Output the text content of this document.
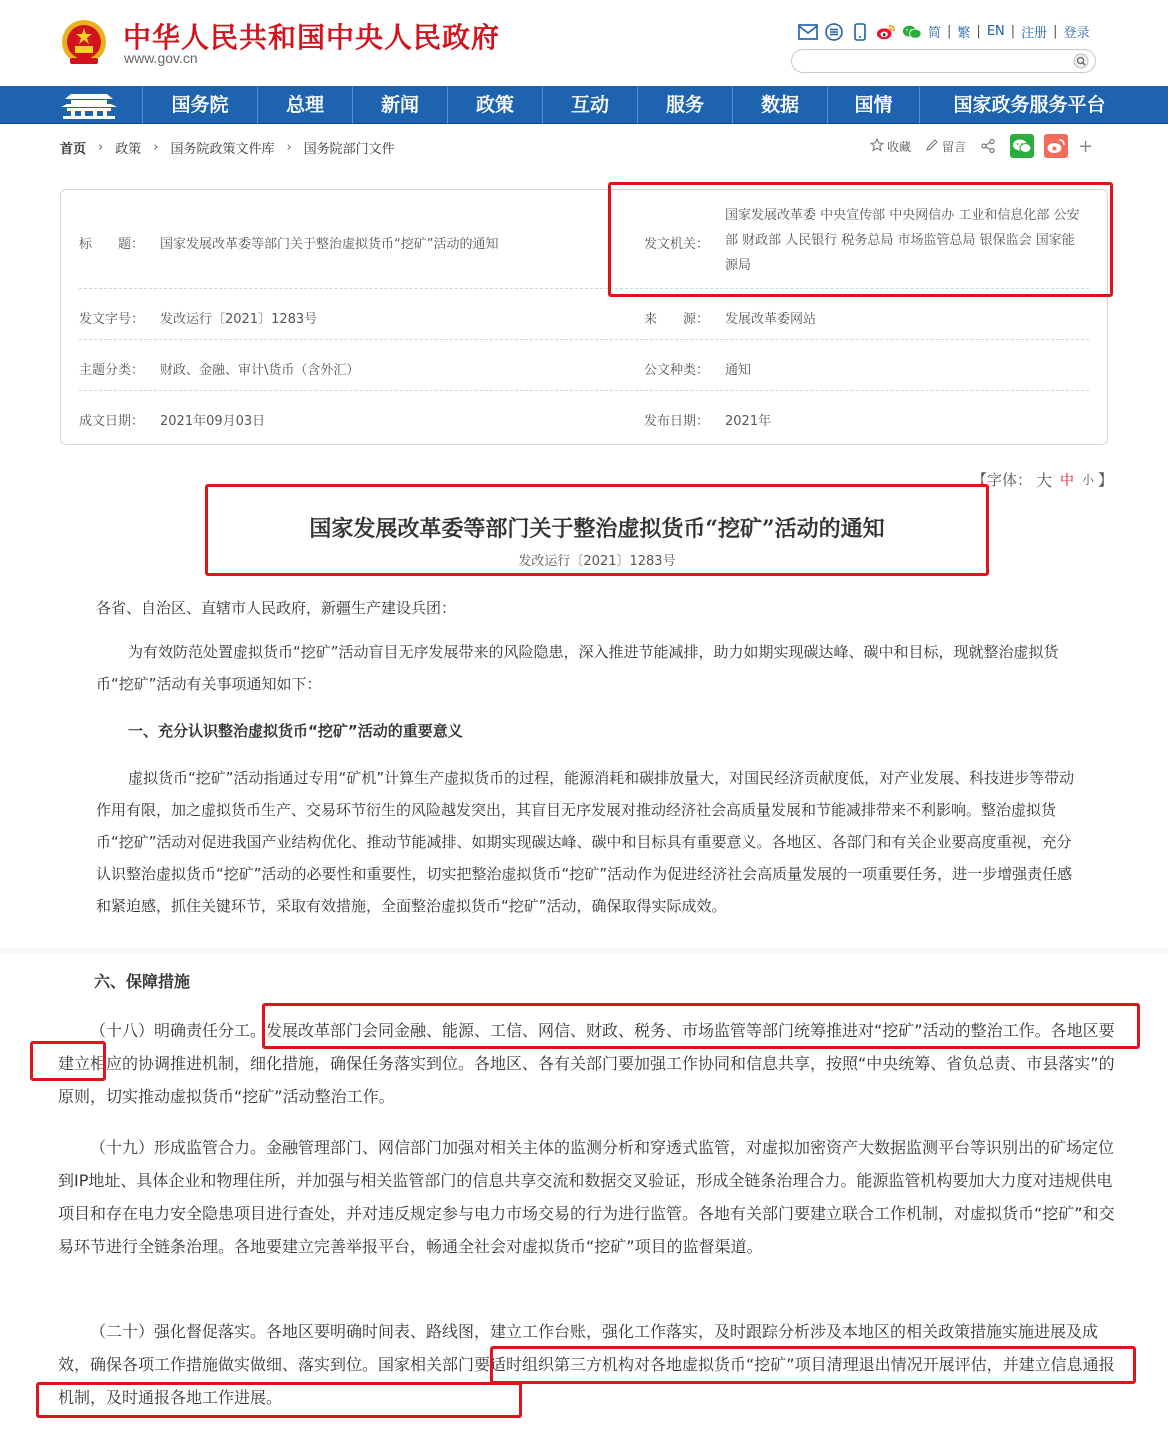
中华人民共和国中央人民政府
www.gov.cn
简 | 繁 | EN | 注册 | 登录
国务院	总理	新闻	政策	互动	服务	数据	国情	国家政务服务平台
首页 › 政策 › 国务院政策文件库 › 国务院部门文件	收藏	留言	+
标　　题： 国家发展改革委等部门关于整治虚拟货币“挖矿”活动的通知	发文机关：
国家发展改革委 中央宣传部 中央网信办 工业和信息化部 公安部 财政部 人民银行 税务总局 市场监管总局 银保监会 国家能源局
发文字号： 发改运行〔2021〕1283号	来　　源： 发展改革委网站
主题分类： 财政、金融、审计\货币（含外汇）	公文种类： 通知
成文日期： 2021年09月03日	发布日期： 2021年
【字体： 大 中 小 】
国家发展改革委等部门关于整治虚拟货币“挖矿”活动的通知
发改运行〔2021〕1283号
各省、自治区、直辖市人民政府，新疆生产建设兵团：
为有效防范处置虚拟货币“挖矿”活动盲目无序发展带来的风险隐患，深入推进节能减排，助力如期实现碳达峰、碳中和目标，现就整治虚拟货币“挖矿”活动有关事项通知如下：
一、充分认识整治虚拟货币“挖矿”活动的重要意义
虚拟货币“挖矿”活动指通过专用“矿机”计算生产虚拟货币的过程，能源消耗和碳排放量大，对国民经济贡献度低，对产业发展、科技进步等带动作用有限，加之虚拟货币生产、交易环节衍生的风险越发突出，其盲目无序发展对推动经济社会高质量发展和节能减排带来不利影响。整治虚拟货币“挖矿”活动对促进我国产业结构优化、推动节能减排、如期实现碳达峰、碳中和目标具有重要意义。各地区、各部门和有关企业要高度重视，充分认识整治虚拟货币“挖矿”活动的必要性和重要性，切实把整治虚拟货币“挖矿”活动作为促进经济社会高质量发展的一项重要任务，进一步增强责任感和紧迫感，抓住关键环节，采取有效措施，全面整治虚拟货币“挖矿”活动，确保取得实际成效。
六、保障措施
（十八）明确责任分工。发展改革部门会同金融、能源、工信、网信、财政、税务、市场监管等部门统筹推进对“挖矿”活动的整治工作。各地区要建立相应的协调推进机制，细化措施，确保任务落实到位。各地区、各有关部门要加强工作协同和信息共享，按照“中央统筹、省负总责、市县落实”的原则，切实推动虚拟货币“挖矿”活动整治工作。
（十九）形成监管合力。金融管理部门、网信部门加强对相关主体的监测分析和穿透式监管，对虚拟加密资产大数据监测平台等识别出的矿场定位到IP地址、具体企业和物理住所，并加强与相关监管部门的信息共享交流和数据交叉验证，形成全链条治理合力。能源监管机构要加大力度对违规供电项目和存在电力安全隐患项目进行查处，并对违反规定参与电力市场交易的行为进行监管。各地有关部门要建立联合工作机制，对虚拟货币“挖矿”和交易环节进行全链条治理。各地要建立完善举报平台，畅通全社会对虚拟货币“挖矿”项目的监督渠道。
（二十）强化督促落实。各地区要明确时间表、路线图，建立工作台账，强化工作落实，及时跟踪分析涉及本地区的相关政策措施实施进展及成效，确保各项工作措施做实做细、落实到位。国家相关部门要适时组织第三方机构对各地虚拟货币“挖矿”项目清理退出情况开展评估，并建立信息通报机制，及时通报各地工作进展。
